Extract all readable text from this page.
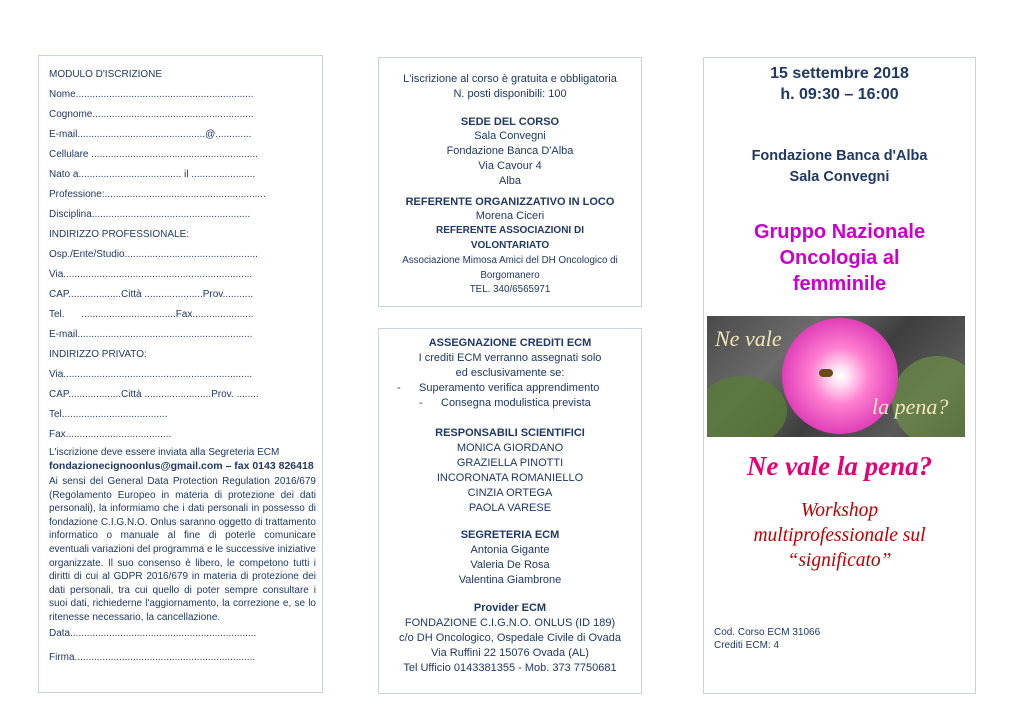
MODULO D'ISCRIZIONE
Nome................................................................
Cognome..........................................................
E-mail..............................................@.............
Cellulare ............................................................
Nato a..................................... il .......................
Professione:..........................................................
Disciplina.........................................................
INDIRIZZO PROFESSIONALE:
Osp./Ente/Studio................................................
Via....................................................................
CAP...................Città .....................Prov...........
Tel.      ..................................Fax......................
E-mail...............................................................
INDIRIZZO PRIVATO:
Via....................................................................
CAP...................Città ........................Prov. ........
Tel......................................
Fax......................................
L'iscrizione deve essere inviata alla Segreteria ECM
fondazionecignoonlus@gmail.com – fax 0143 826418
Ai sensi del General Data Protection Regulation 2016/679 (Regolamento Europeo in materia di protezione dei dati personali), la informiamo che i dati personali in possesso di fondazione C.I.G.N.O. Onlus saranno oggetto di trattamento informatico o manuale al fine di poterle comunicare eventuali variazioni del programma e le successive iniziative organizzate. Il suo consenso è libero, le competono tutti i diritti di cui al GDPR 2016/679 in materia di protezione dei dati personali, tra cui quello di poter sempre consultare i suoi dati, richiederne l'aggiornamento, la correzione e, se lo ritenesse necessario, la cancellazione.
Data...................................................................
Firma.................................................................
L'iscrizione al corso è gratuita e obbligatoria
N. posti disponibili: 100
SEDE DEL CORSO
Sala Convegni
Fondazione Banca D'Alba
Via Cavour 4
Alba
REFERENTE ORGANIZZATIVO IN LOCO
Morena Ciceri
REFERENTE ASSOCIAZIONI DI VOLONTARIATO
Associazione Mimosa Amici del DH Oncologico di Borgomanero
TEL. 340/6565971
ASSEGNAZIONE CREDITI ECM
I crediti ECM verranno assegnati solo ed esclusivamente se:
- Superamento verifica apprendimento
- Consegna modulistica prevista
RESPONSABILI SCIENTIFICI
MONICA GIORDANO
GRAZIELLA PINOTTI
INCORONATA ROMANIELLO
CINZIA ORTEGA
PAOLA VARESE
SEGRETERIA ECM
Antonia Gigante
Valeria De Rosa
Valentina Giambrone
Provider ECM
FONDAZIONE C.I.G.N.O. ONLUS (ID 189)
c/o DH Oncologico, Ospedale Civile di Ovada
Via Ruffini 22 15076 Ovada (AL)
Tel Ufficio 0143381355 - Mob. 373 7750681
15 settembre 2018
h. 09:30 – 16:00
Fondazione Banca d'Alba
Sala Convegni
Gruppo Nazionale
Oncologia al
femminile
Ne vale
la pena?
Ne vale la pena?
Workshop
multiprofessionale sul
“significato”
Cod. Corso ECM 31066
Crediti ECM: 4
